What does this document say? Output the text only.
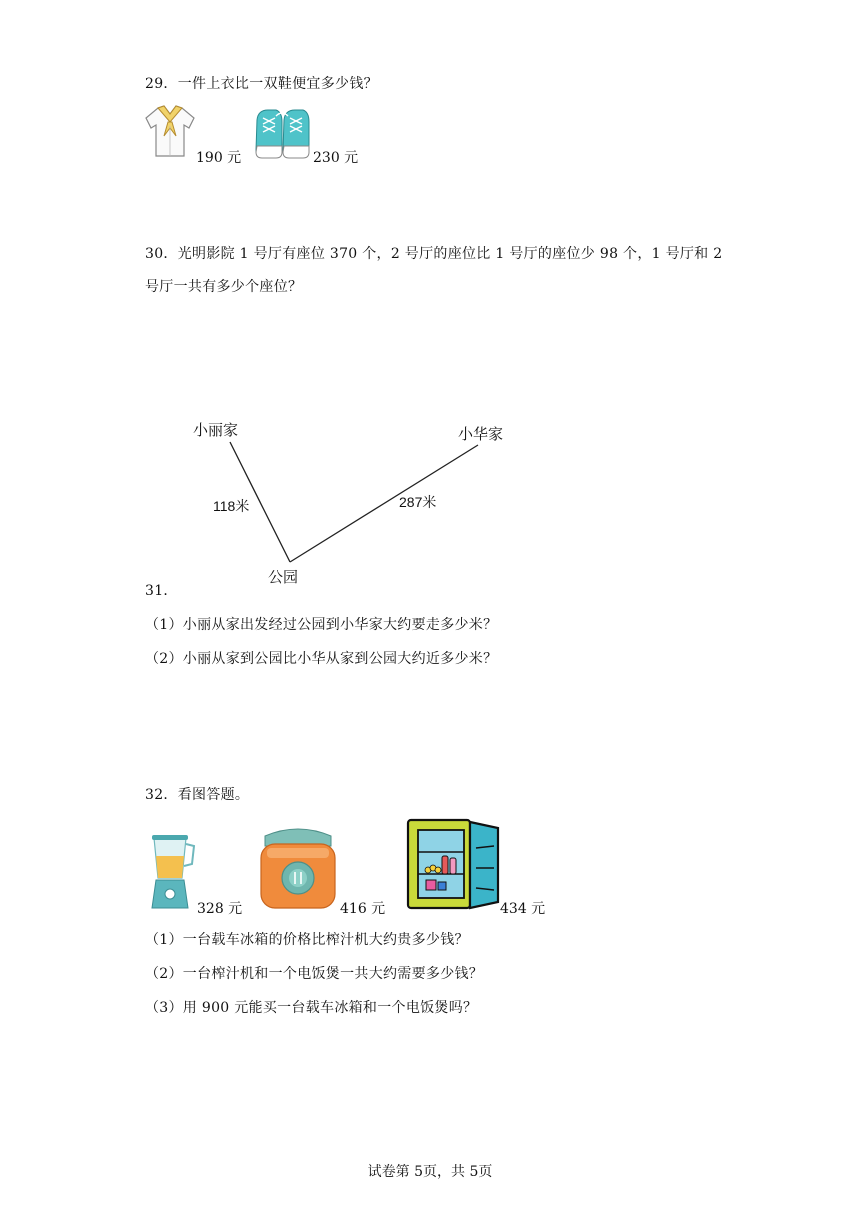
29．一件上衣比一双鞋便宜多少钱？
190 元	230 元
30．光明影院 1 号厅有座位 370 个，2 号厅的座位比 1 号厅的座位少 98 个，1 号厅和 2
号厅一共有多少个座位？
小丽家	小华家
公园
118米	287米
31．
（1）小丽从家出发经过公园到小华家大约要走多少米？
（2）小丽从家到公园比小华从家到公园大约近多少米？
32．看图答题。
328 元	416 元	434 元
（1）一台载车冰箱的价格比榨汁机大约贵多少钱？
（2）一台榨汁机和一个电饭煲一共大约需要多少钱？
（3）用 900 元能买一台载车冰箱和一个电饭煲吗？
试卷第 5页，共 5页
